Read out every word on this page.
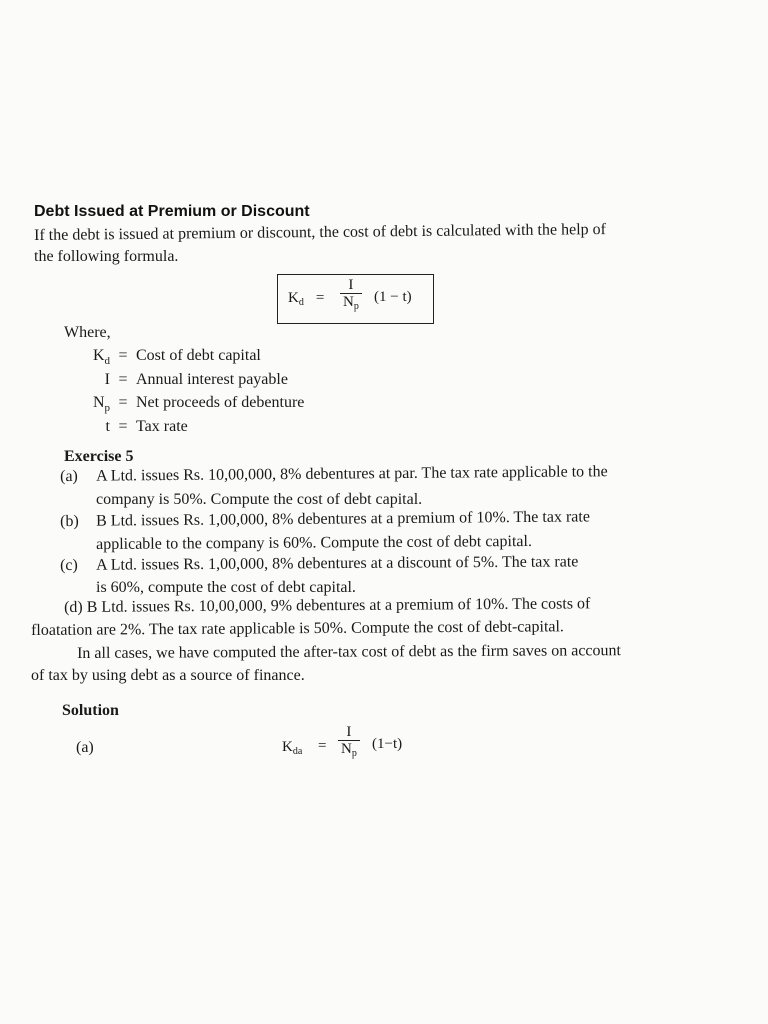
Debt Issued at Premium or Discount
If the debt is issued at premium or discount, the cost of debt is calculated with the help of
the following formula.
$K_d$ =	$\frac{I}{N_p} (1 - t)$
Where,
$K_d$ = Cost of debt capital
I = Annual interest payable
$N_p$ = Net proceeds of debenture
t = Tax rate
Exercise 5
(a) A Ltd. issues Rs. 10,00,000, 8% debentures at par. The tax rate applicable to the
company is 50%. Compute the cost of debt capital.
(b) B Ltd. issues Rs. 1,00,000, 8% debentures at a premium of 10%. The tax rate
applicable to the company is 60%. Compute the cost of debt capital.
(c) A Ltd. issues Rs. 1,00,000, 8% debentures at a discount of 5%. The tax rate
is 60%, compute the cost of debt capital.
(d) B Ltd. issues Rs. 10,00,000, 9% debentures at a premium of 10%. The costs of
floatation are 2%. The tax rate applicable is 50%. Compute the cost of debt-capital.
In all cases, we have computed the after-tax cost of debt as the firm saves on account
of tax by using debt as a source of finance.
Solution
(a)	$K_{da} = \frac{I}{N_p} (1-t)$
